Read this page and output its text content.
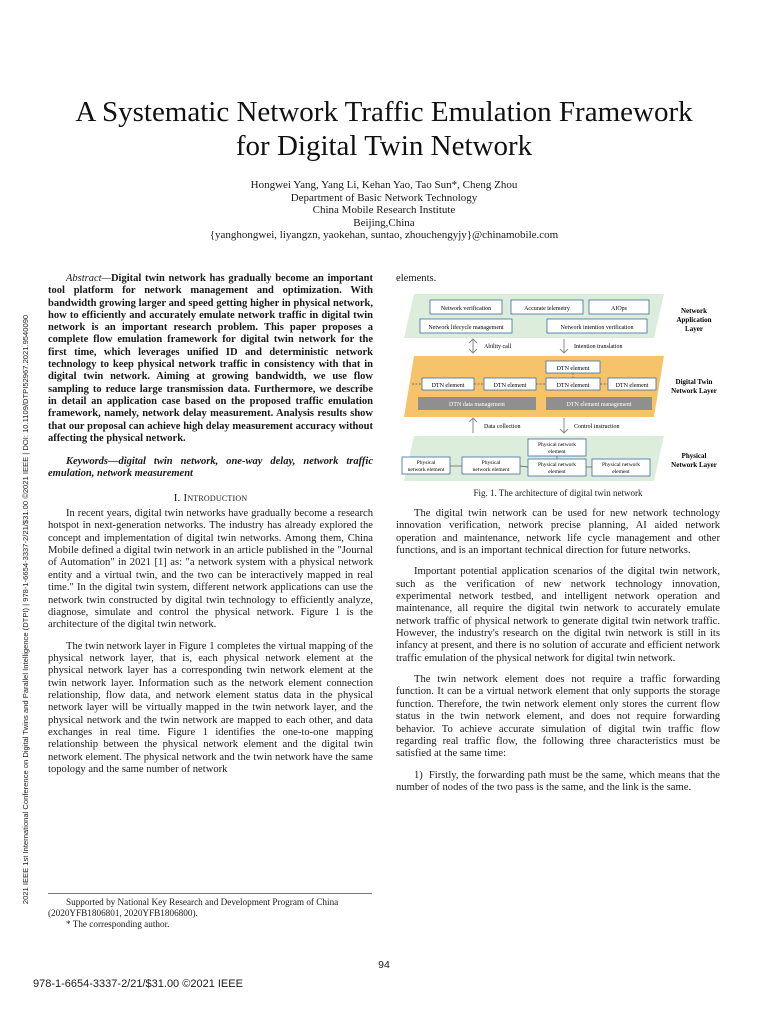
2021 IEEE 1st International Conference on Digital Twins and Parallel Intelligence (DTPI) | 978-1-6654-3337-2/21/$31.00 ©2021 IEEE | DOI: 10.1109/DTPI52967.2021.9540090
A Systematic Network Traffic Emulation Framework
for Digital Twin Network
Hongwei Yang, Yang Li, Kehan Yao, Tao Sun*, Cheng Zhou
Department of Basic Network Technology
China Mobile Research Institute
Beijing,China
{yanghongwei, liyangzn, yaokehan, suntao, zhouchengyjy}@chinamobile.com
Abstract—Digital twin network has gradually become an important tool platform for network management and optimization. With bandwidth growing larger and speed getting higher in physical network, how to efficiently and accurately emulate network traffic in digital twin network is an important research problem. This paper proposes a complete flow emulation framework for digital twin network for the first time, which leverages unified ID and deterministic network technology to keep physical network traffic in consistency with that in digital twin network. Aiming at growing bandwidth, we use flow sampling to reduce large transmission data. Furthermore, we describe in detail an application case based on the proposed traffic emulation framework, namely, network delay measurement. Analysis results show that our proposal can achieve high delay measurement accuracy without affecting the physical network.
Keywords—digital twin network, one-way delay, network traffic emulation, network measurement
I. Introduction

In recent years, digital twin networks have gradually become a research hotspot in next-generation networks. The industry has already explored the concept and implementation of digital twin networks. Among them, China Mobile defined a digital twin network in an article published in the "Journal of Automation" in 2021 [1] as: "a network system with a physical network entity and a virtual twin, and the two can be interactively mapped in real time." In the digital twin system, different network applications can use the network twin constructed by digital twin technology to efficiently analyze, diagnose, simulate and control the physical network. Figure 1 is the architecture of the digital twin network.

The twin network layer in Figure 1 completes the virtual mapping of the physical network layer, that is, each physical network element at the physical network layer has a corresponding twin network element at the twin network layer. Information such as the network element connection relationship, flow data, and network element status data in the physical network layer will be virtually mapped in the twin network layer, and the physical network and the twin network are mapped to each other, and data exchanges in real time. Figure 1 identifies the one-to-one mapping relationship between the physical network element and the digital twin network element. The physical network and the twin network have the same topology and the same number of network

elements.
Network verification	Accurate telemetry	AIOps
Network lifecycle management	Network intention verification
Network Application Layer
Ability call	Intention translation
DTN element
DTN element	DTN element	DTN element	DTN element
DTN data management	DTN element management
Digital Twin Network Layer
Data collection	Control instruction
Physical network element
Physical network element
Physical network element
Physical network element
Physical network element
Physical Network Layer
Fig. 1. The architecture of digital twin network

The digital twin network can be used for new network technology innovation verification, network precise planning, AI aided network operation and maintenance, network life cycle management and other functions, and is an important technical direction for future networks.

Important potential application scenarios of the digital twin network, such as the verification of new network technology innovation, experimental network testbed, and intelligent network operation and maintenance, all require the digital twin network to accurately emulate network traffic of physical network to generate digital twin network traffic. However, the industry's research on the digital twin network is still in its infancy at present, and there is no solution of accurate and efficient network traffic emulation of the physical network for digital twin network.

The twin network element does not require a traffic forwarding function. It can be a virtual network element that only supports the storage function. Therefore, the twin network element only stores the current flow status in the twin network element, and does not require forwarding behavior. To achieve accurate simulation of digital twin traffic flow regarding real traffic flow, the following three characteristics must be satisfied at the same time:

1)  Firstly, the forwarding path must be the same, which means that the number of nodes of the two pass is the same, and the link is the same.

Supported by National Key Research and Development Program of China (2020YFB1806801, 2020YFB1806800).
* The corresponding author.
94
978-1-6654-3337-2/21/$31.00 ©2021 IEEE
